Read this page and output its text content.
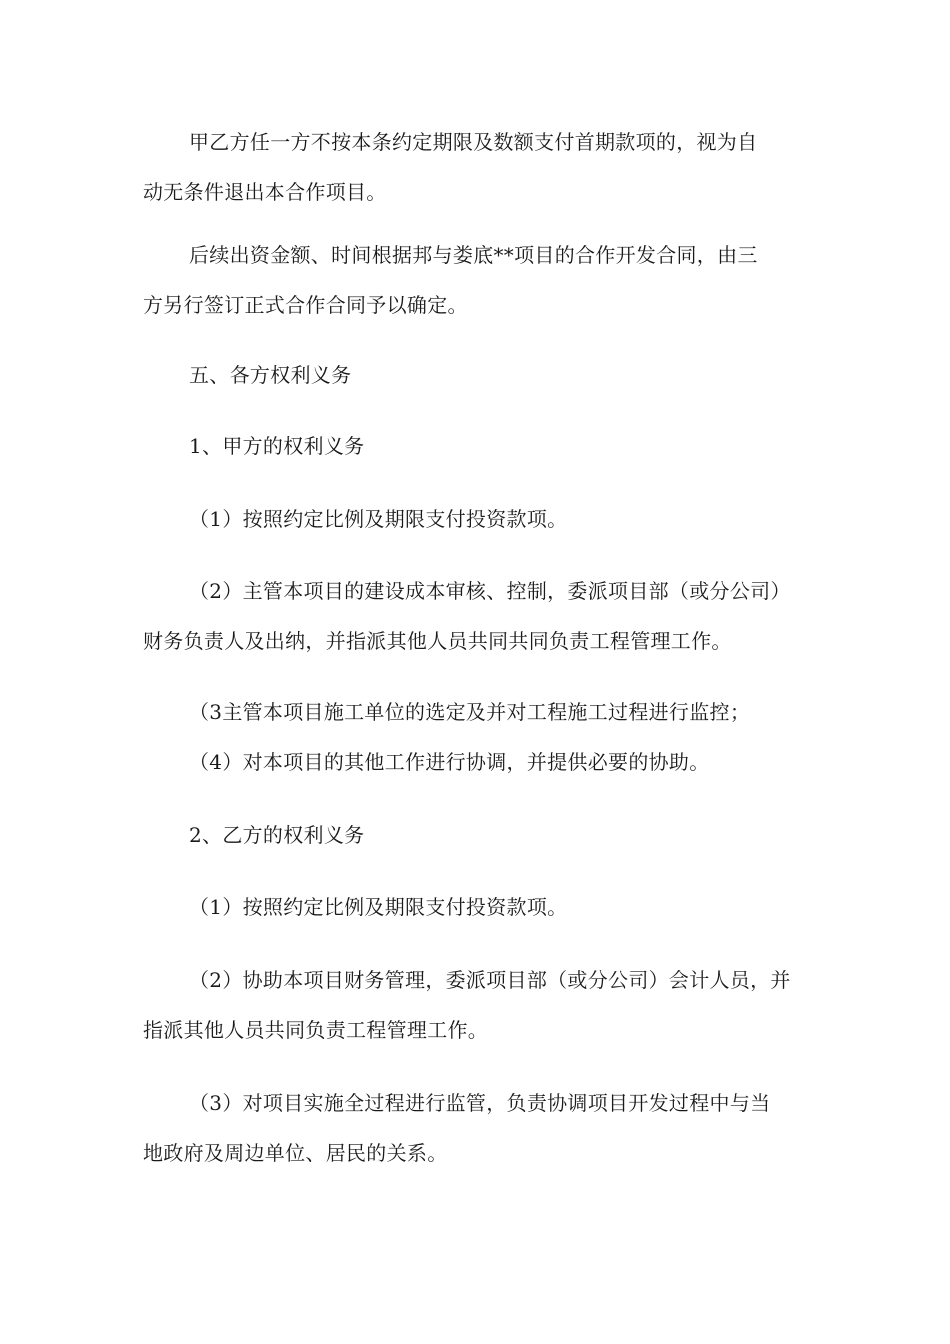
甲乙方任一方不按本条约定期限及数额支付首期款项的，视为自
动无条件退出本合作项目。
后续出资金额、时间根据邦与娄底**项目的合作开发合同，由三
方另行签订正式合作合同予以确定。
五、各方权利义务
1、甲方的权利义务
（1）按照约定比例及期限支付投资款项。
（2）主管本项目的建设成本审核、控制，委派项目部（或分公司）
财务负责人及出纳，并指派其他人员共同共同负责工程管理工作。
（3主管本项目施工单位的选定及并对工程施工过程进行监控；
（4）对本项目的其他工作进行协调，并提供必要的协助。
2、乙方的权利义务
（1）按照约定比例及期限支付投资款项。
（2）协助本项目财务管理，委派项目部（或分公司）会计人员，并
指派其他人员共同负责工程管理工作。
（3）对项目实施全过程进行监管，负责协调项目开发过程中与当
地政府及周边单位、居民的关系。
